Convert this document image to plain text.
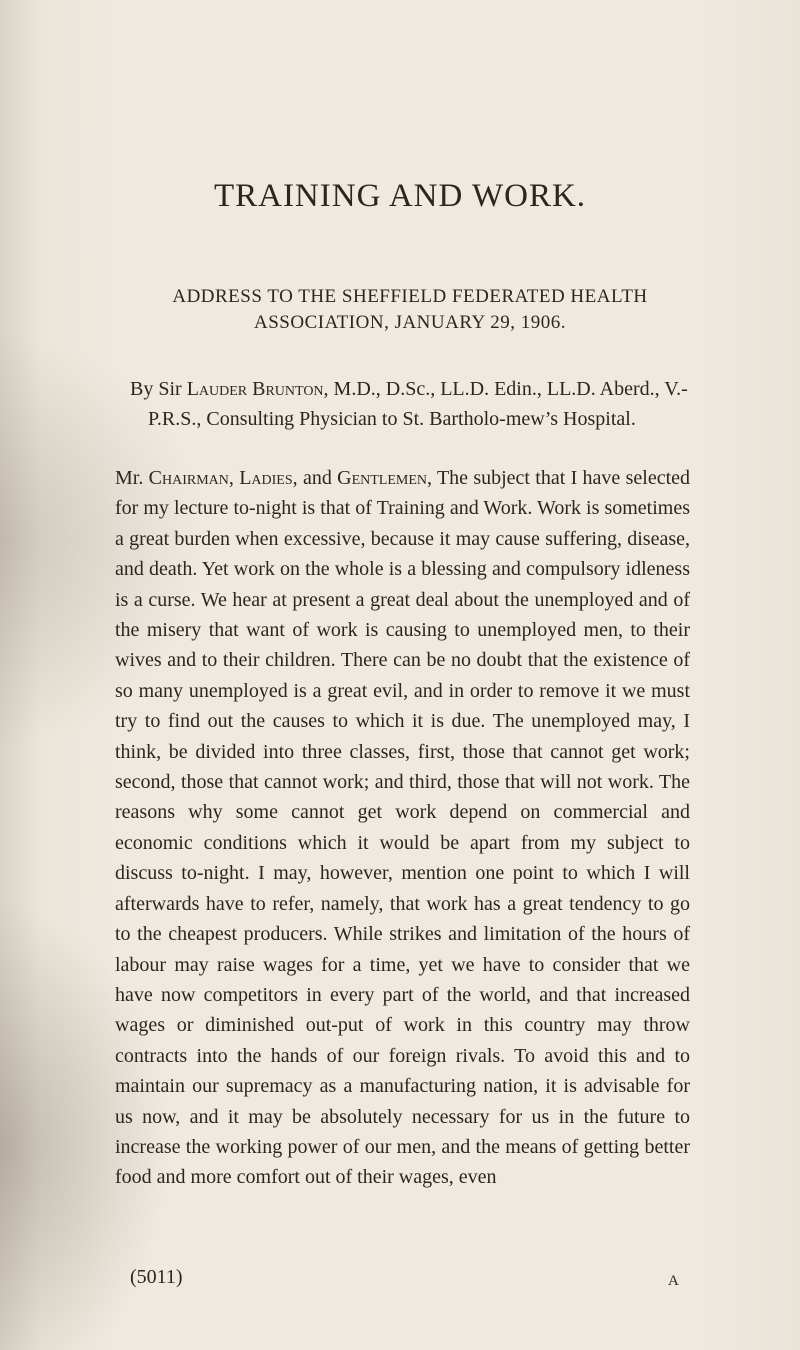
TRAINING AND WORK.
ADDRESS TO THE SHEFFIELD FEDERATED HEALTH ASSOCIATION, JANUARY 29, 1906.
By Sir Lauder Brunton, M.D., D.Sc., LL.D. Edin., LL.D. Aberd., V.-P.R.S., Consulting Physician to St. Bartholo-mew’s Hospital.

Mr. Chairman, Ladies, and Gentlemen, The subject that I have selected for my lecture to-night is that of Training and Work. Work is sometimes a great burden when excessive, because it may cause suffering, disease, and death. Yet work on the whole is a blessing and compulsory idleness is a curse. We hear at present a great deal about the unemployed and of the misery that want of work is causing to unemployed men, to their wives and to their children. There can be no doubt that the existence of so many unemployed is a great evil, and in order to remove it we must try to find out the causes to which it is due. The unemployed may, I think, be divided into three classes, first, those that cannot get work; second, those that cannot work; and third, those that will not work. The reasons why some cannot get work depend on commercial and economic conditions which it would be apart from my subject to discuss to-night. I may, however, mention one point to which I will afterwards have to refer, namely, that work has a great tendency to go to the cheapest producers. While strikes and limitation of the hours of labour may raise wages for a time, yet we have to consider that we have now competitors in every part of the world, and that increased wages or diminished out-put of work in this country may throw contracts into the hands of our foreign rivals. To avoid this and to maintain our supremacy as a manufacturing nation, it is advisable for us now, and it may be absolutely necessary for us in the future to increase the working power of our men, and the means of getting better food and more comfort out of their wages, even

(5011)	A
